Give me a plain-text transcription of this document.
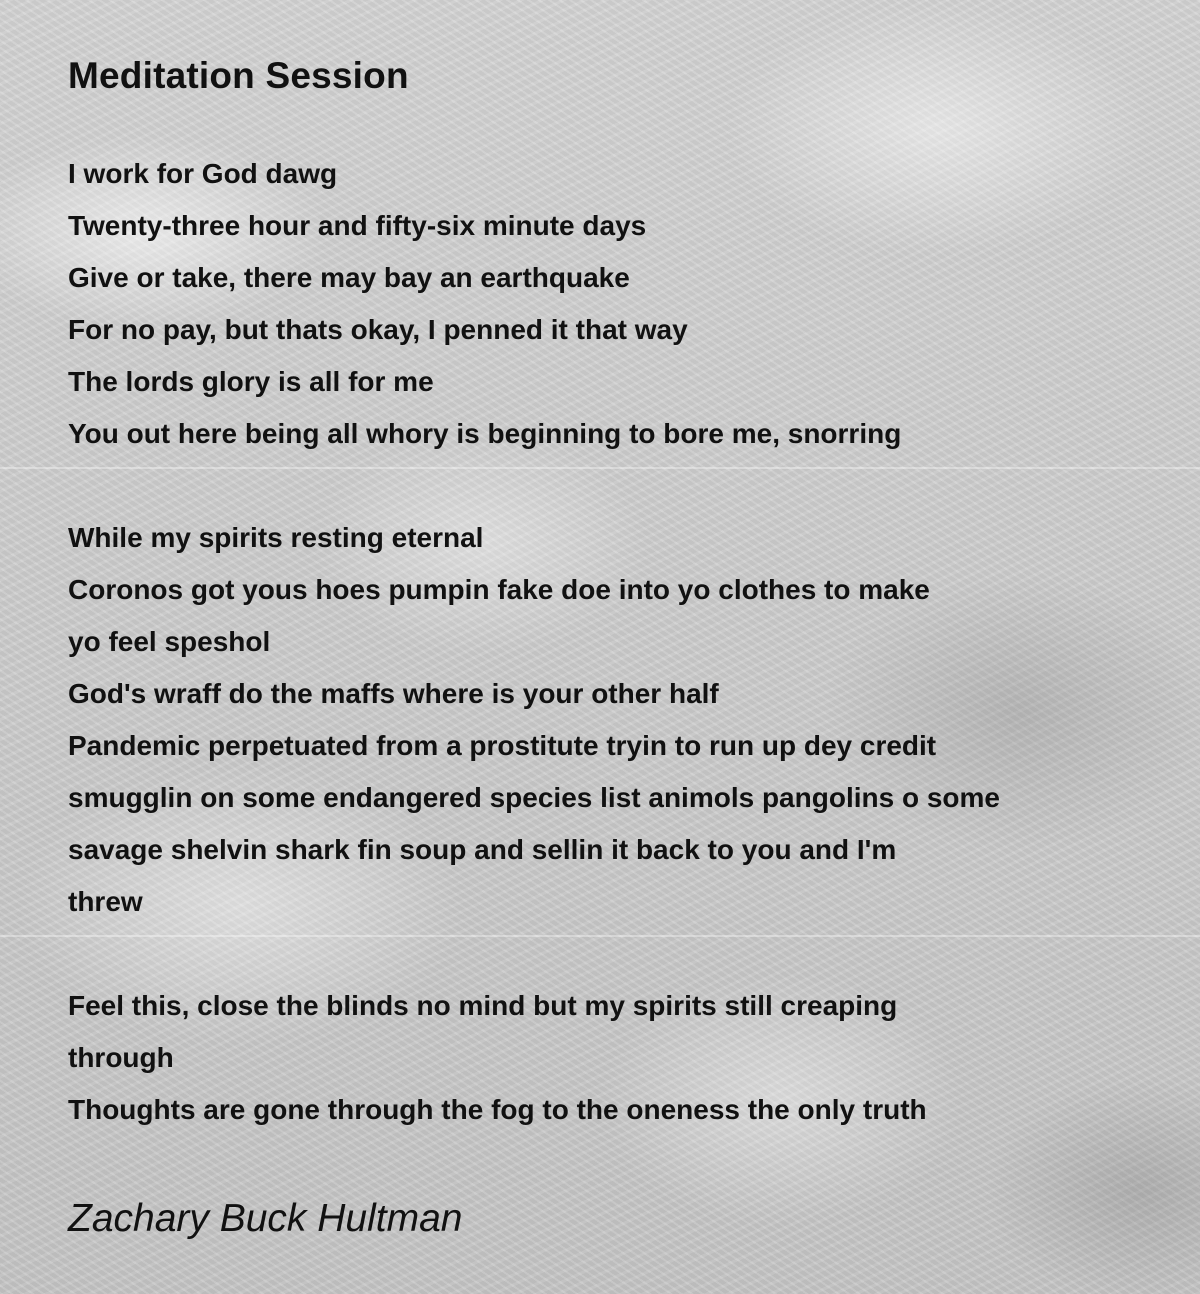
Meditation Session

I work for God dawg
Twenty-three hour and fifty-six minute days
Give or take, there may bay an earthquake
For no pay, but thats okay, I penned it that way
The lords glory is all for me
You out here being all whory is beginning to bore me, snorring

While my spirits resting eternal
Coronos got yous hoes pumpin fake doe into yo clothes to make
yo feel speshol
God's wraff do the maffs where is your other half
Pandemic perpetuated from a prostitute tryin to run up dey credit
smugglin on some endangered species list animols pangolins o some
savage shelvin shark fin soup and sellin it back to you and I'm
threw

Feel this, close the blinds no mind but my spirits still creaping
through
Thoughts are gone through the fog to the oneness the only truth

Zachary Buck Hultman
